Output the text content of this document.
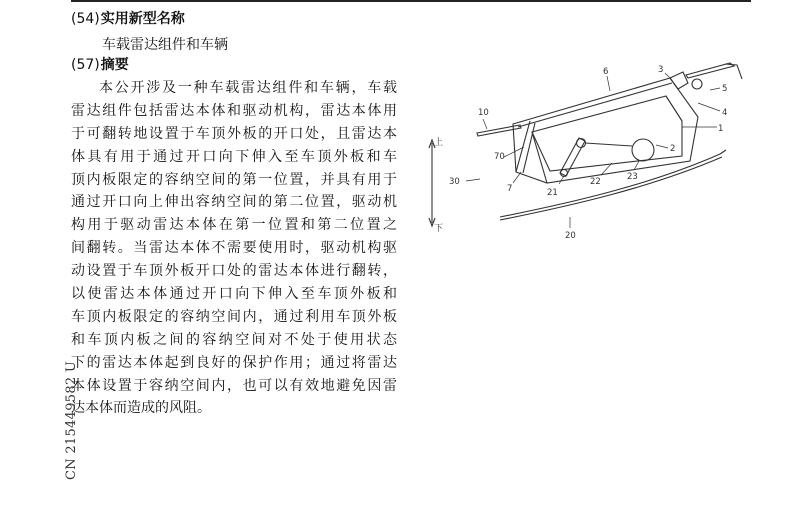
(54)实用新型名称
车载雷达组件和车辆
(57)摘要
本公开涉及一种车载雷达组件和车辆，车载
雷达组件包括雷达本体和驱动机构，雷达本体用
于可翻转地设置于车顶外板的开口处，且雷达本
体具有用于通过开口向下伸入至车顶外板和车
顶内板限定的容纳空间的第一位置，并具有用于
通过开口向上伸出容纳空间的第二位置，驱动机
构用于驱动雷达本体在第一位置和第二位置之
间翻转。当雷达本体不需要使用时，驱动机构驱
动设置于车顶外板开口处的雷达本体进行翻转，
以使雷达本体通过开口向下伸入至车顶外板和
车顶内板限定的容纳空间内，通过利用车顶外板
和车顶内板之间的容纳空间对不处于使用状态
下的雷达本体起到良好的保护作用；通过将雷达
本体设置于容纳空间内，也可以有效地避免因雷
达本体而造成的风阻。
CN 215449582 U
上
下
6	3
5
4
1
2
23
22
21
7
70
10
30
20
